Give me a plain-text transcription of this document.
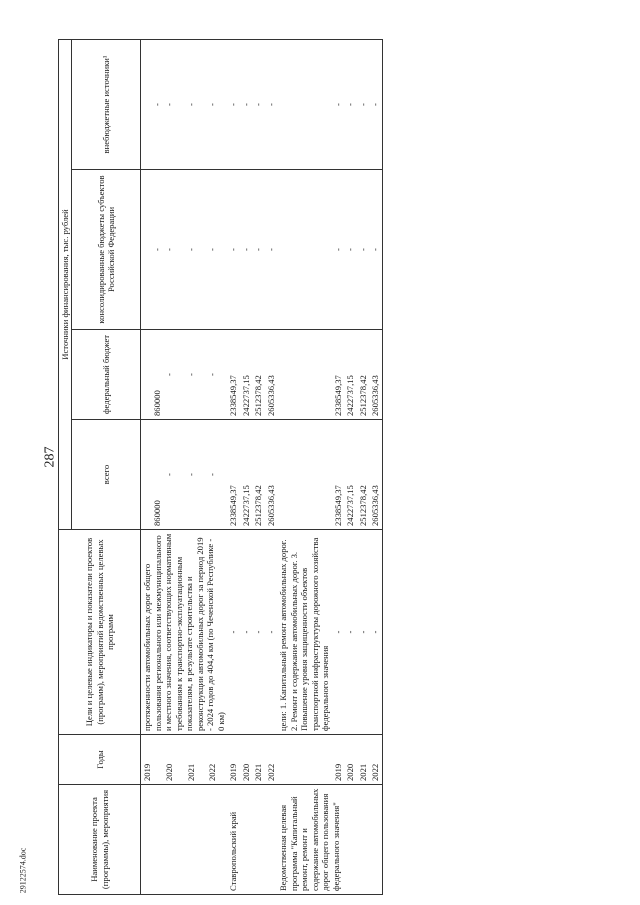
287
29122574.doc	Наименование проекта (программы), мероприятия	Годы	Цели и целевые индикаторы и показатели проектов (программ), мероприятий ведомственных целевых программ	Источники финансирования, тыс. рублей			
			всего	федеральный бюджет	консолидированные бюджеты субъектов Российской Федерации	внебюджетные источники¹
	2019	протяженности автомобильных дорог общего пользования регионального или межмуниципального и местного значения, соответствующих нормативным требованиям к транспортно-эксплуатационным показателям, в результате строительства и реконструкции автомобильных дорог за период 2019 - 2024 годов до 404,4 км (по Чеченской Республике - 0 км)	860000	860000	-	-
	2020		-	-	-	-
	2021		-	-	-	-
	2022		-	-	-	-
Ставропольский край	2019	-	2338549,37	2338549,37	-	-
	2020	-	2422737,15	2422737,15	-	-
	2021	-	2512378,42	2512378,42	-	-
	2022	-	2605336,43	2605336,43	-	-
Ведомственная целевая программа "Капитальный ремонт, ремонт и содержание автомобильных дорог общего пользования федерального значения"		цели: 1. Капитальный ремонт автомобильных дорог. 2. Ремонт и содержание автомобильных дорог. 3. Повышение уровня защищенности объектов транспортной инфраструктуры дорожного хозяйства федерального значения				
	2019	-	2338549,37	2338549,37	-	-
	2020	-	2422737,15	2422737,15	-	-
	2021	-	2512378,42	2512378,42	-	-
	2022	-	2605336,43	2605336,43	-	-
